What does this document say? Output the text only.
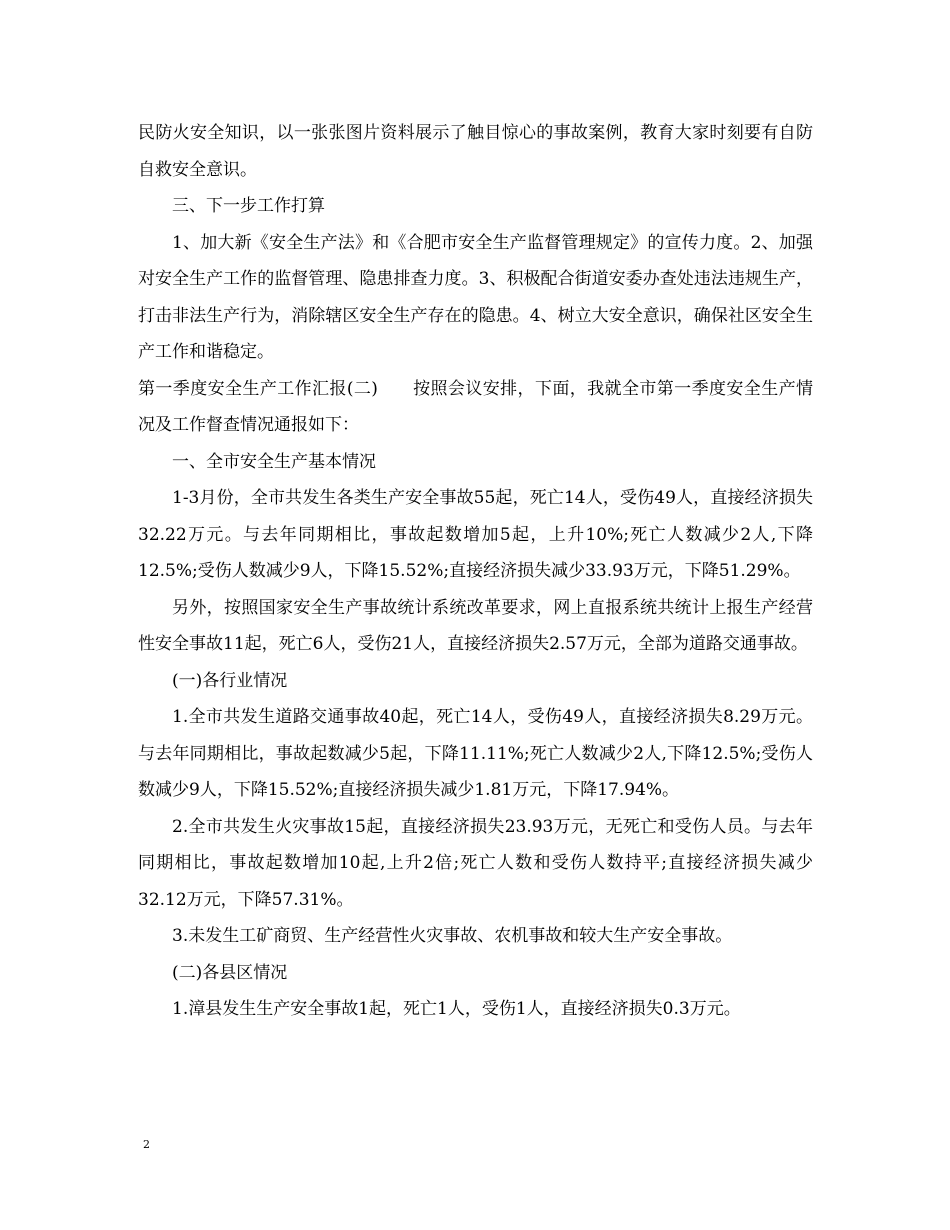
民防火安全知识，以一张张图片资料展示了触目惊心的事故案例，教育大家时刻要有自防自救安全意识。

三、下一步工作打算

1、加大新《安全生产法》和《合肥市安全生产监督管理规定》的宣传力度。2、加强对安全生产工作的监督管理、隐患排查力度。3、积极配合街道安委办查处违法违规生产，打击非法生产行为，消除辖区安全生产存在的隐患。4、树立大安全意识，确保社区安全生产工作和谐稳定。

第一季度安全生产工作汇报(二)　　按照会议安排，下面，我就全市第一季度安全生产情况及工作督查情况通报如下：

一、全市安全生产基本情况

1-3月份，全市共发生各类生产安全事故55起，死亡14人，受伤49人，直接经济损失32.22万元。与去年同期相比，事故起数增加5起，上升10%;死亡人数减少2人,下降12.5%;受伤人数减少9人，下降15.52%;直接经济损失减少33.93万元，下降51.29%。

另外，按照国家安全生产事故统计系统改革要求，网上直报系统共统计上报生产经营性安全事故11起，死亡6人，受伤21人，直接经济损失2.57万元，全部为道路交通事故。

(一)各行业情况

1.全市共发生道路交通事故40起，死亡14人，受伤49人，直接经济损失8.29万元。与去年同期相比，事故起数减少5起，下降11.11%;死亡人数减少2人,下降12.5%;受伤人数减少9人，下降15.52%;直接经济损失减少1.81万元，下降17.94%。

2.全市共发生火灾事故15起，直接经济损失23.93万元，无死亡和受伤人员。与去年同期相比，事故起数增加10起,上升2倍;死亡人数和受伤人数持平;直接经济损失减少32.12万元，下降57.31%。

3.未发生工矿商贸、生产经营性火灾事故、农机事故和较大生产安全事故。

(二)各县区情况

1.漳县发生生产安全事故1起，死亡1人，受伤1人，直接经济损失0.3万元。

2
